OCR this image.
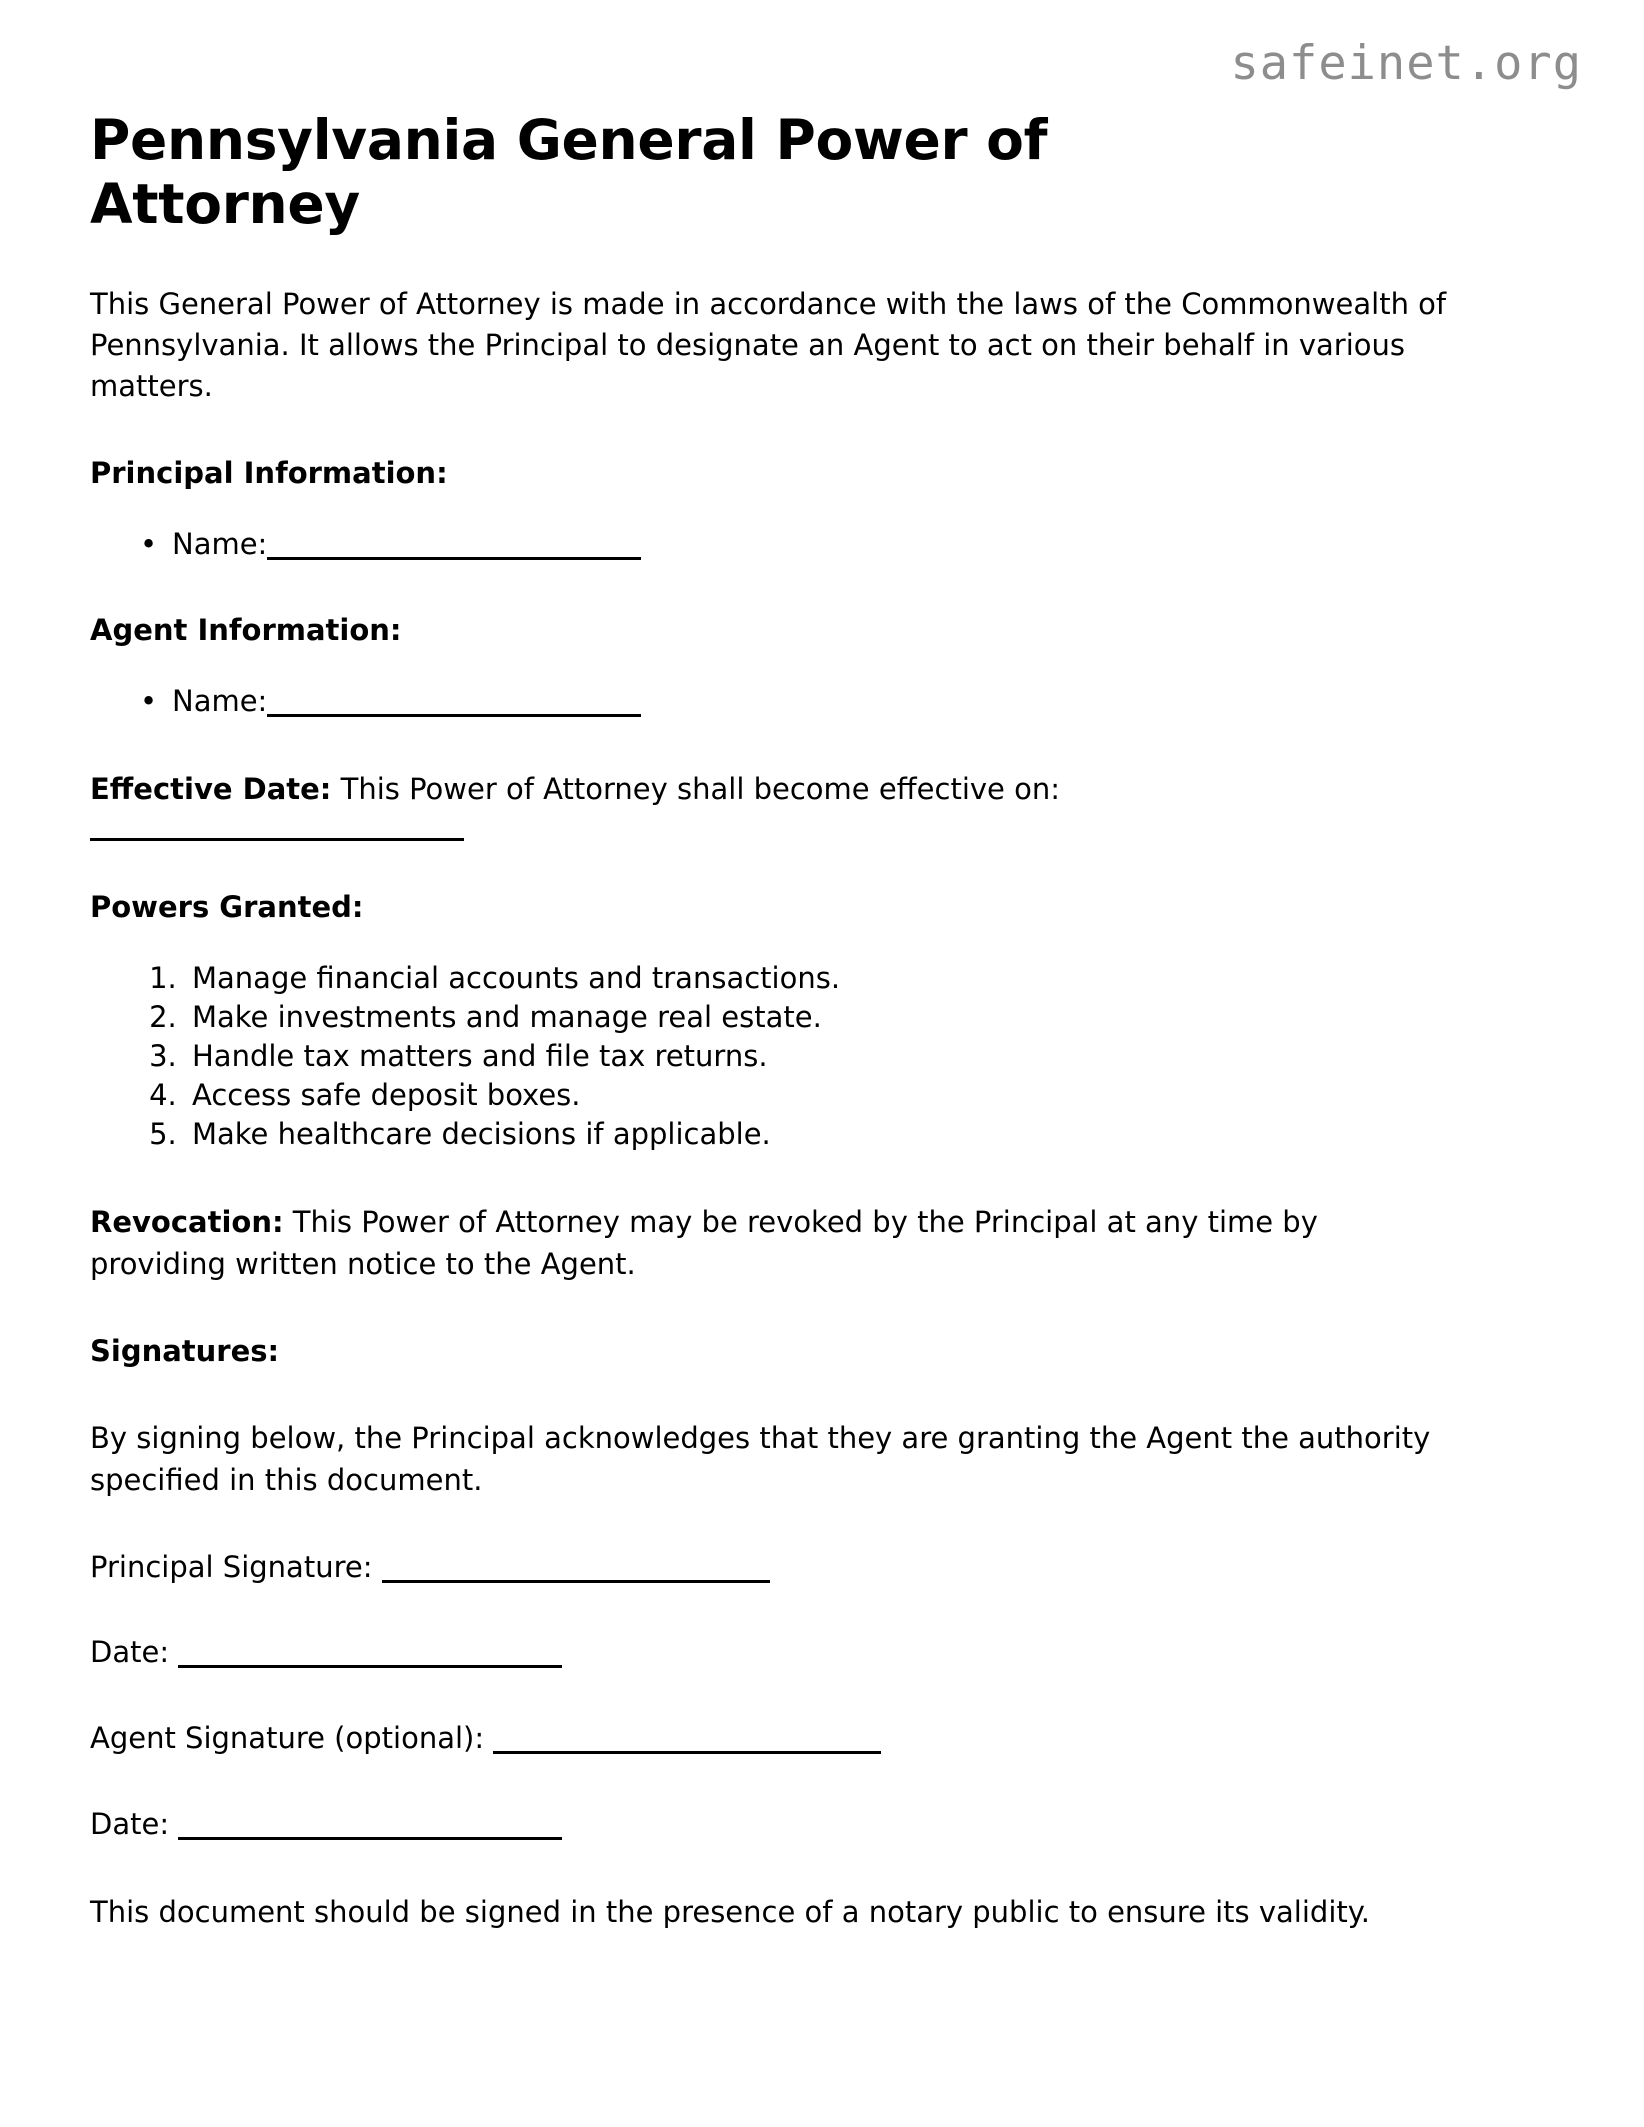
safeinet.org
Pennsylvania General Power of Attorney

This General Power of Attorney is made in accordance with the laws of the Commonwealth of Pennsylvania. It allows the Principal to designate an Agent to act on their behalf in various matters.

Principal Information:
• Name:
Agent Information:
• Name:

Effective Date: This Power of Attorney shall become effective on:

Powers Granted:
1. Manage financial accounts and transactions.
2. Make investments and manage real estate.
3. Handle tax matters and file tax returns.
4. Access safe deposit boxes.
5. Make healthcare decisions if applicable.

Revocation: This Power of Attorney may be revoked by the Principal at any time by providing written notice to the Agent.

Signatures:

By signing below, the Principal acknowledges that they are granting the Agent the authority specified in this document.

Principal Signature:

Date:

Agent Signature (optional):

Date:

This document should be signed in the presence of a notary public to ensure its validity.
